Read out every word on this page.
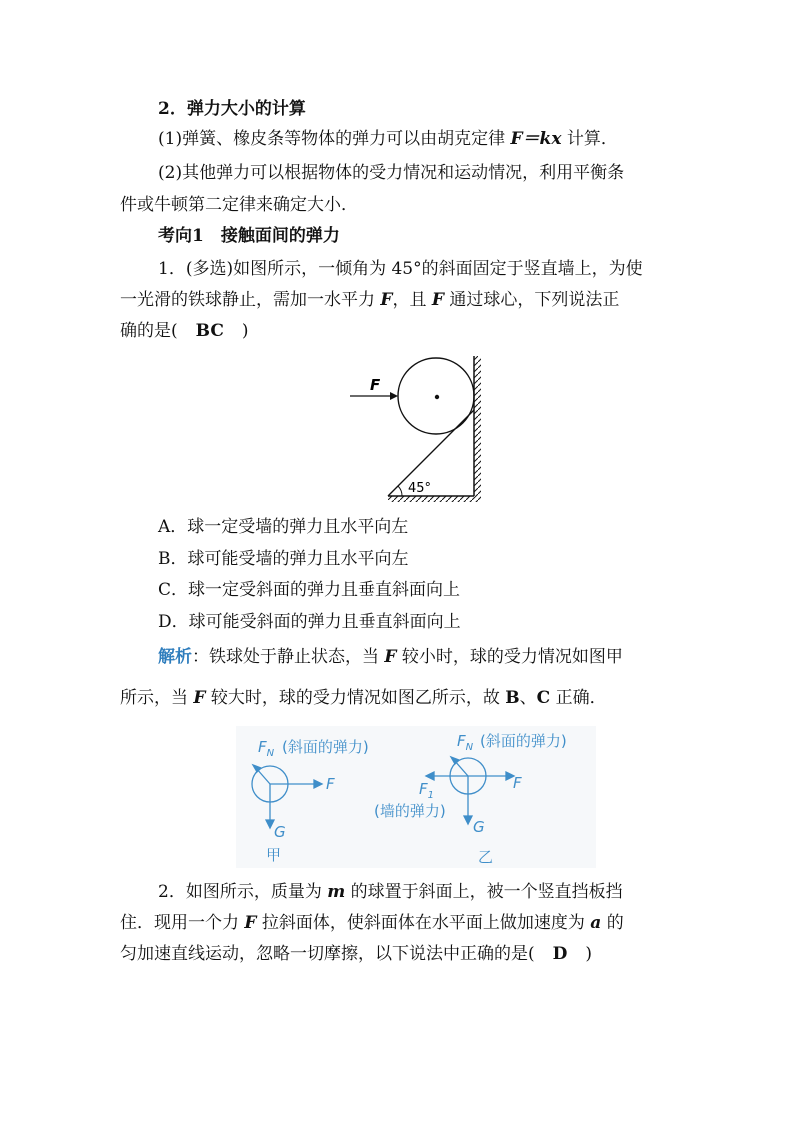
2．弹力大小的计算
(1)弹簧、橡皮条等物体的弹力可以由胡克定律 F＝kx 计算．
(2)其他弹力可以根据物体的受力情况和运动情况，利用平衡条
件或牛顿第二定律来确定大小．
考向1　接触面间的弹力
1．(多选)如图所示，一倾角为 45°的斜面固定于竖直墙上，为使
一光滑的铁球静止，需加一水平力 F，且 F 通过球心，下列说法正
确的是( BC )
45°
F
A．球一定受墙的弹力且水平向左
B．球可能受墙的弹力且水平向左
C．球一定受斜面的弹力且垂直斜面向上
D．球可能受斜面的弹力且垂直斜面向上
解析：铁球处于静止状态，当 F 较小时，球的受力情况如图甲
所示，当 F 较大时，球的受力情况如图乙所示，故 B、C 正确．
$F_N$ (斜面的弹力)
F
G
甲
$F_N$ (斜面的弹力)
F
$F_1$
(墙的弹力)
G
乙
2．如图所示，质量为 m 的球置于斜面上，被一个竖直挡板挡
住．现用一个力 F 拉斜面体，使斜面体在水平面上做加速度为 a 的
匀加速直线运动，忽略一切摩擦，以下说法中正确的是( D )
